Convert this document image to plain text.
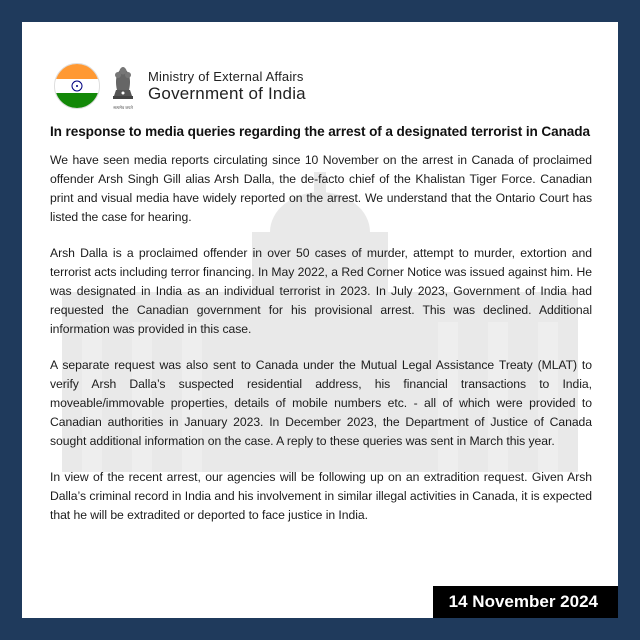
सत्यमेव जयते
Ministry of External Affairs
Government of India

In response to media queries regarding the arrest of a designated terrorist in Canada

We have seen media reports circulating since 10 November on the arrest in Canada of proclaimed offender Arsh Singh Gill alias Arsh Dalla, the de-facto chief of the Khalistan Tiger Force. Canadian print and visual media have widely reported on the arrest. We understand that the Ontario Court has listed the case for hearing.

Arsh Dalla is a proclaimed offender in over 50 cases of murder, attempt to murder, extortion and terrorist acts including terror financing. In May 2022, a Red Corner Notice was issued against him. He was designated in India as an individual terrorist in 2023. In July 2023, Government of India had requested the Canadian government for his provisional arrest. This was declined. Additional information was provided in this case.

A separate request was also sent to Canada under the Mutual Legal Assistance Treaty (MLAT) to verify Arsh Dalla’s suspected residential address, his financial transactions to India, moveable/immovable properties, details of mobile numbers etc. - all of which were provided to Canadian authorities in January 2023. In December 2023, the Department of Justice of Canada sought additional information on the case. A reply to these queries was sent in March this year.

In view of the recent arrest, our agencies will be following up on an extradition request. Given Arsh Dalla’s criminal record in India and his involvement in similar illegal activities in Canada, it is expected that he will be extradited or deported to face justice in India.

14 November 2024
